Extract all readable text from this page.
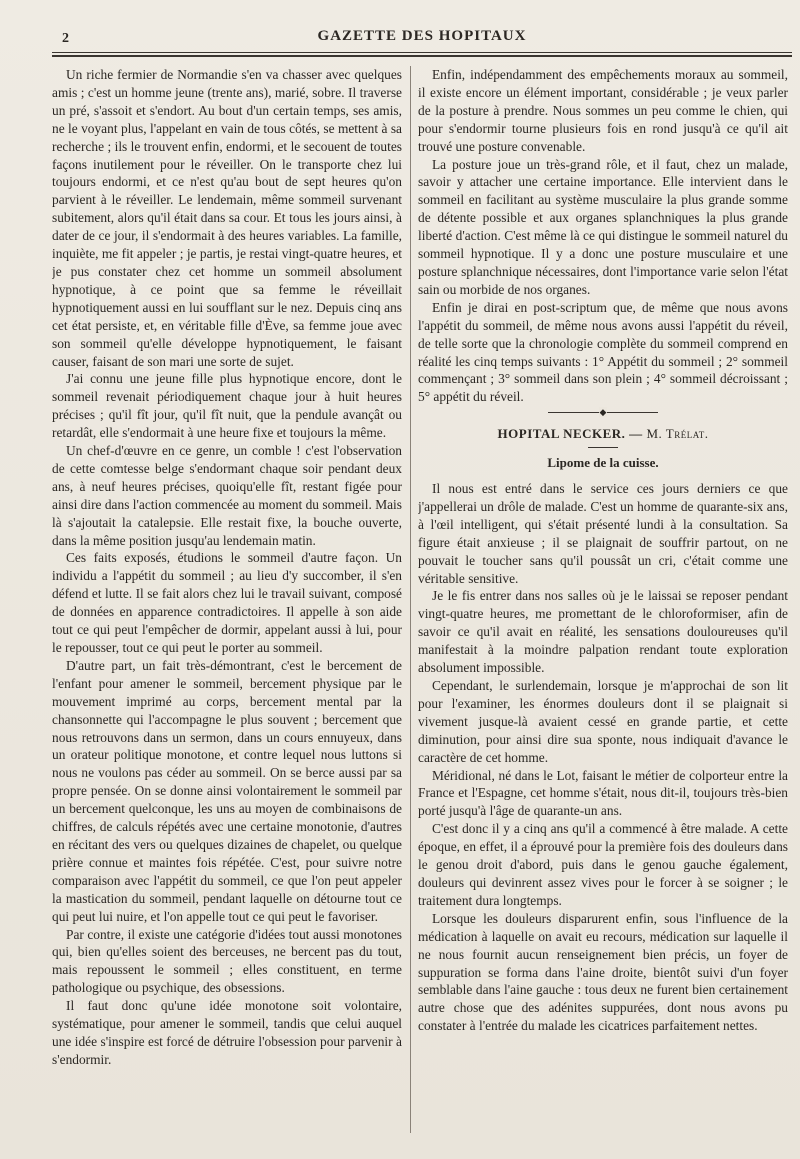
2	GAZETTE DES HOPITAUX

Un riche fermier de Normandie s'en va chasser avec quelques amis ; c'est un homme jeune (trente ans), marié, sobre. Il traverse un pré, s'assoit et s'endort. Au bout d'un certain temps, ses amis, ne le voyant plus, l'appelant en vain de tous côtés, se mettent à sa recherche ; ils le trouvent enfin, endormi, et le secouent de toutes façons inutilement pour le réveiller. On le transporte chez lui toujours endormi, et ce n'est qu'au bout de sept heures qu'on parvient à le réveiller. Le lendemain, même sommeil survenant subitement, alors qu'il était dans sa cour. Et tous les jours ainsi, à dater de ce jour, il s'endormait à des heures variables. La famille, inquiète, me fit appeler ; je partis, je restai vingt-quatre heures, et je pus constater chez cet homme un sommeil absolument hypnotique, à ce point que sa femme le réveillait hypnotiquement aussi en lui soufflant sur le nez. Depuis cinq ans cet état persiste, et, en véritable fille d'Ève, sa femme joue avec son sommeil qu'elle développe hypnotiquement, le faisant causer, faisant de son mari une sorte de sujet.

J'ai connu une jeune fille plus hypnotique encore, dont le sommeil revenait périodiquement chaque jour à huit heures précises ; qu'il fît jour, qu'il fît nuit, que la pendule avançât ou retardât, elle s'endormait à une heure fixe et toujours la même.

Un chef-d'œuvre en ce genre, un comble ! c'est l'observation de cette comtesse belge s'endormant chaque soir pendant deux ans, à neuf heures précises, quoiqu'elle fît, restant figée pour ainsi dire dans l'action commencée au moment du sommeil. Mais là s'ajoutait la catalepsie. Elle restait fixe, la bouche ouverte, dans la même position jusqu'au lendemain matin.

Ces faits exposés, étudions le sommeil d'autre façon. Un individu a l'appétit du sommeil ; au lieu d'y succomber, il s'en défend et lutte. Il se fait alors chez lui le travail suivant, composé de données en apparence contradictoires. Il appelle à son aide tout ce qui peut l'empêcher de dormir, appelant aussi à lui, pour le repousser, tout ce qui peut le porter au sommeil.

D'autre part, un fait très-démontrant, c'est le bercement de l'enfant pour amener le sommeil, bercement physique par le mouvement imprimé au corps, bercement mental par la chansonnette qui l'accompagne le plus souvent ; bercement que nous retrouvons dans un sermon, dans un cours ennuyeux, dans un orateur politique monotone, et contre lequel nous luttons si nous ne voulons pas céder au sommeil. On se berce aussi par sa propre pensée. On se donne ainsi volontairement le sommeil par un bercement quelconque, les uns au moyen de combinaisons de chiffres, de calculs répétés avec une certaine monotonie, d'autres en récitant des vers ou quelques dizaines de chapelet, ou quelque prière connue et maintes fois répétée. C'est, pour suivre notre comparaison avec l'appétit du sommeil, ce que l'on peut appeler la mastication du sommeil, pendant laquelle on détourne tout ce qui peut lui nuire, et l'on appelle tout ce qui peut le favoriser.

Par contre, il existe une catégorie d'idées tout aussi monotones qui, bien qu'elles soient des berceuses, ne bercent pas du tout, mais repoussent le sommeil ; elles constituent, en terme pathologique ou psychique, des obsessions.

Il faut donc qu'une idée monotone soit volontaire, systématique, pour amener le sommeil, tandis que celui auquel une idée s'inspire est forcé de détruire l'obsession pour parvenir à s'endormir.

Enfin, indépendamment des empêchements moraux au sommeil, il existe encore un élément important, considérable ; je veux parler de la posture à prendre. Nous sommes un peu comme le chien, qui pour s'endormir tourne plusieurs fois en rond jusqu'à ce qu'il ait trouvé une posture convenable.

La posture joue un très-grand rôle, et il faut, chez un malade, savoir y attacher une certaine importance. Elle intervient dans le sommeil en facilitant au système musculaire la plus grande somme de détente possible et aux organes splanchniques la plus grande liberté d'action. C'est même là ce qui distingue le sommeil naturel du sommeil hypnotique. Il y a donc une posture musculaire et une posture splanchnique nécessaires, dont l'importance varie selon l'état sain ou morbide de nos organes.

Enfin je dirai en post-scriptum que, de même que nous avons l'appétit du sommeil, de même nous avons aussi l'appétit du réveil, de telle sorte que la chronologie complète du sommeil comprend en réalité les cinq temps suivants : 1° Appétit du sommeil ; 2° sommeil commençant ; 3° sommeil dans son plein ; 4° sommeil décroissant ; 5° appétit du réveil.

◆
HOPITAL NECKER. — M. Trélat.
Lipome de la cuisse.

Il nous est entré dans le service ces jours derniers ce que j'appellerai un drôle de malade. C'est un homme de quarante-six ans, à l'œil intelligent, qui s'était présenté lundi à la consultation. Sa figure était anxieuse ; il se plaignait de souffrir partout, on ne pouvait le toucher sans qu'il poussât un cri, c'était comme une véritable sensitive.

Je le fis entrer dans nos salles où je le laissai se reposer pendant vingt-quatre heures, me promettant de le chloroformiser, afin de savoir ce qu'il avait en réalité, les sensations douloureuses qu'il manifestait à la moindre palpation rendant toute exploration absolument impossible.

Cependant, le surlendemain, lorsque je m'approchai de son lit pour l'examiner, les énormes douleurs dont il se plaignait si vivement jusque-là avaient cessé en grande partie, et cette diminution, pour ainsi dire sua sponte, nous indiquait d'avance le caractère de cet homme.

Méridional, né dans le Lot, faisant le métier de colporteur entre la France et l'Espagne, cet homme s'était, nous dit-il, toujours très-bien porté jusqu'à l'âge de quarante-un ans.

C'est donc il y a cinq ans qu'il a commencé à être malade. A cette époque, en effet, il a éprouvé pour la première fois des douleurs dans le genou droit d'abord, puis dans le genou gauche également, douleurs qui devinrent assez vives pour le forcer à se soigner ; le traitement dura longtemps.

Lorsque les douleurs disparurent enfin, sous l'influence de la médication à laquelle on avait eu recours, médication sur laquelle il ne nous fournit aucun renseignement bien précis, un foyer de suppuration se forma dans l'aine droite, bientôt suivi d'un foyer semblable dans l'aine gauche : tous deux ne furent bien certainement autre chose que des adénites suppurées, dont nous avons pu constater à l'entrée du malade les cicatrices parfaitement nettes.
